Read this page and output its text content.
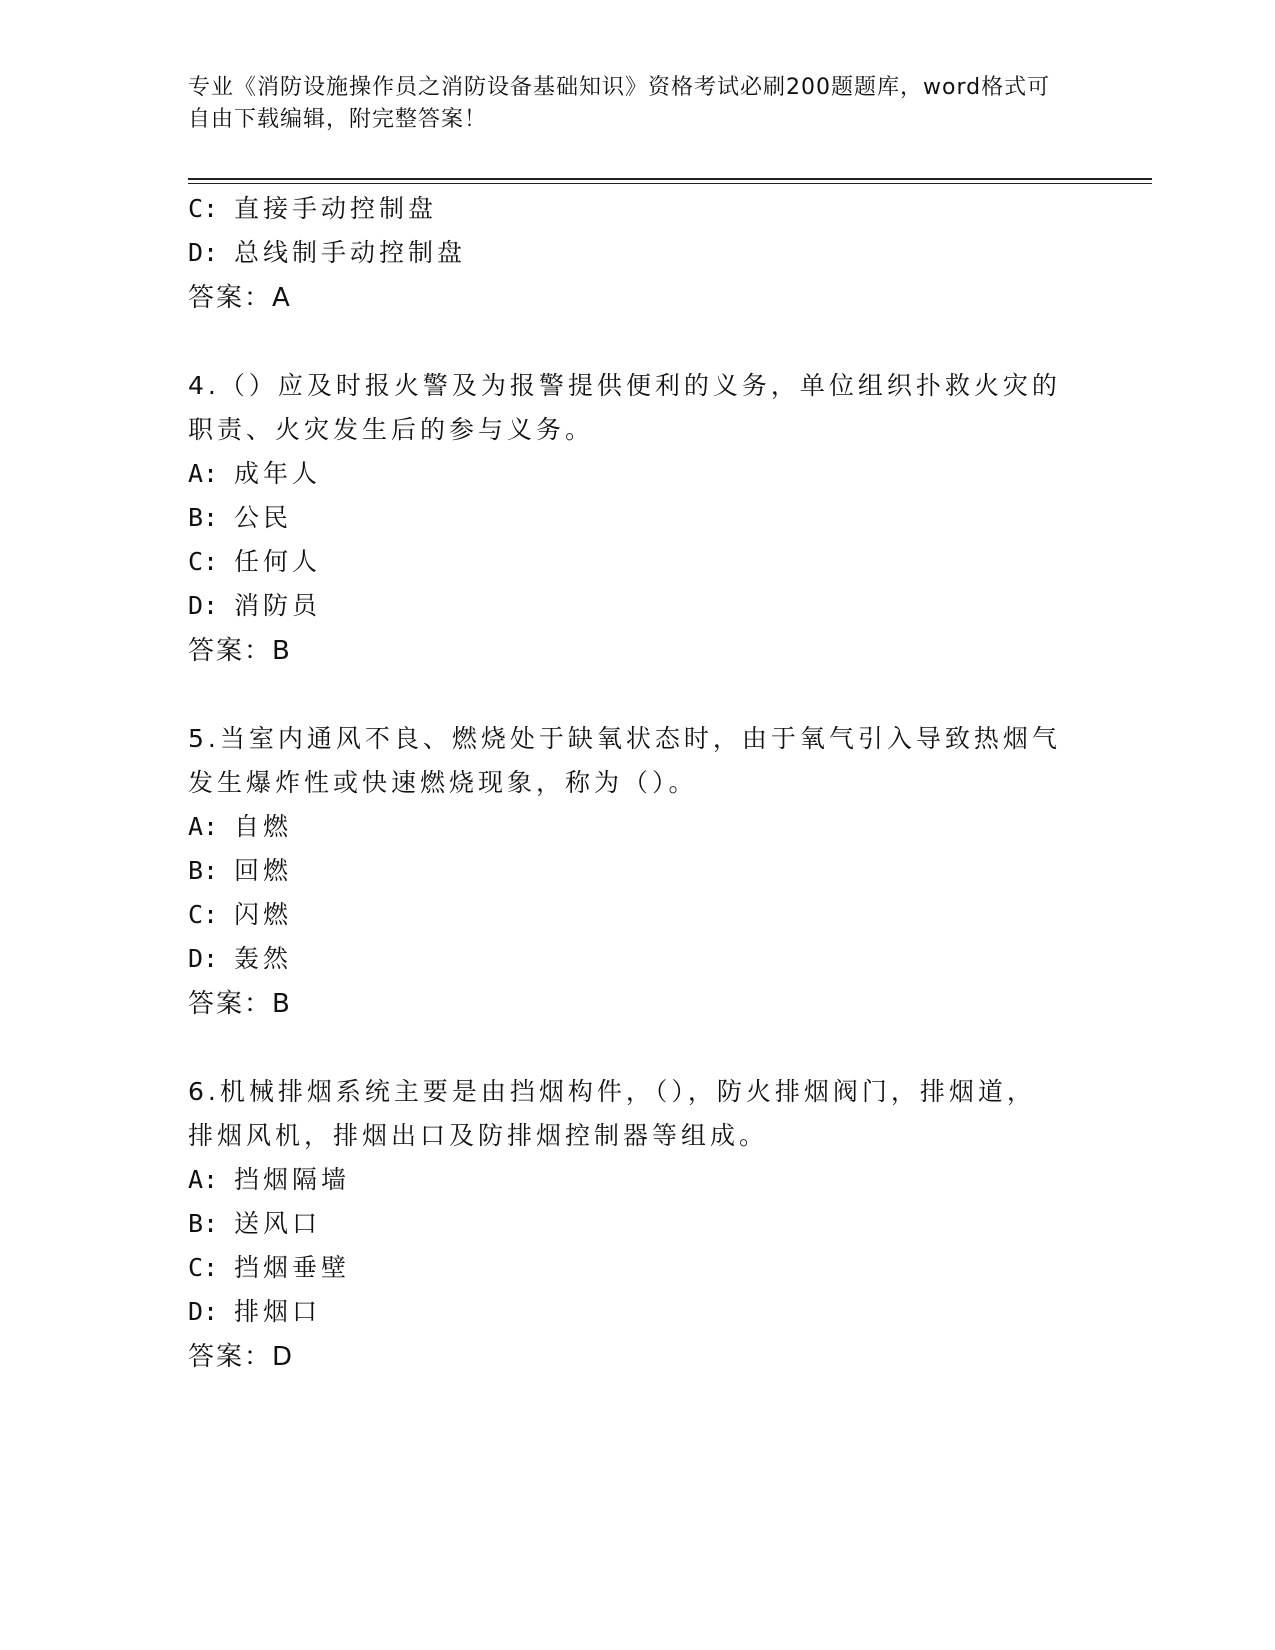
专业《消防设施操作员之消防设备基础知识》资格考试必刷200题题库，word格式可自由下载编辑，附完整答案！
C: 直接手动控制盘
D: 总线制手动控制盘
答案：A
4.（）应及时报火警及为报警提供便利的义务，单位组织扑救火灾的
职责、火灾发生后的参与义务。
A: 成年人
B: 公民
C: 任何人
D: 消防员
答案：B
5.当室内通风不良、燃烧处于缺氧状态时，由于氧气引入导致热烟气
发生爆炸性或快速燃烧现象，称为（）。
A: 自燃
B: 回燃
C: 闪燃
D: 轰然
答案：B
6.机械排烟系统主要是由挡烟构件，（），防火排烟阀门，排烟道，
排烟风机，排烟出口及防排烟控制器等组成。
A: 挡烟隔墙
B: 送风口
C: 挡烟垂壁
D: 排烟口
答案：D
